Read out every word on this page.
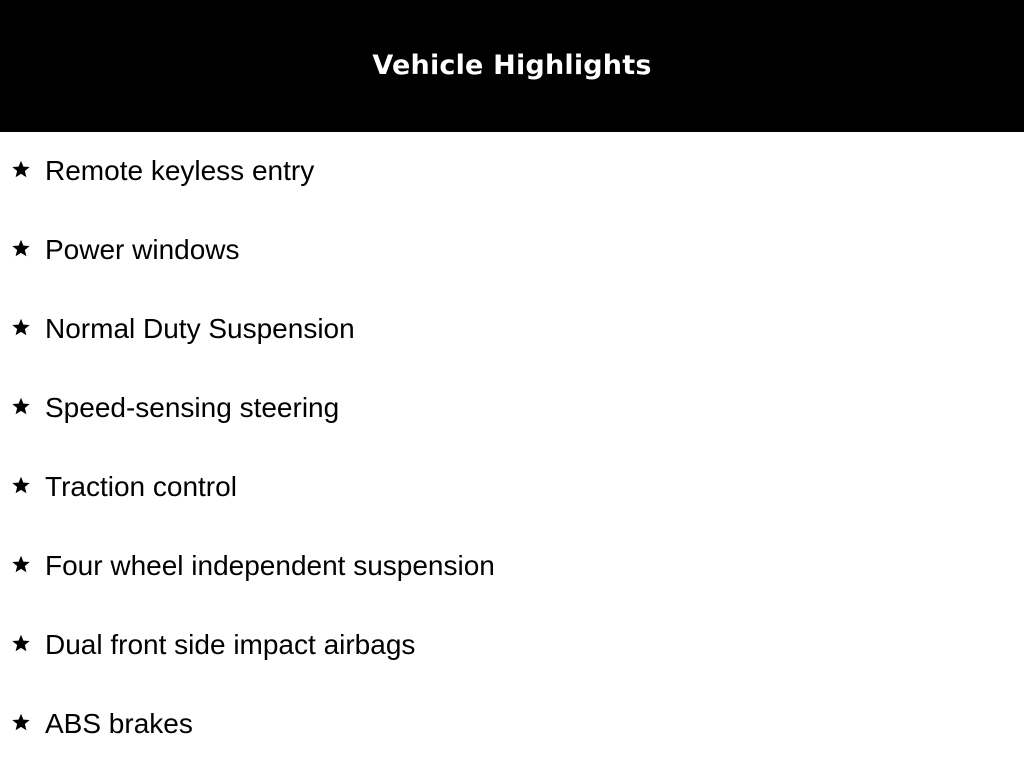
Vehicle Highlights
Remote keyless entry
Power windows
Normal Duty Suspension
Speed-sensing steering
Traction control
Four wheel independent suspension
Dual front side impact airbags
ABS brakes
